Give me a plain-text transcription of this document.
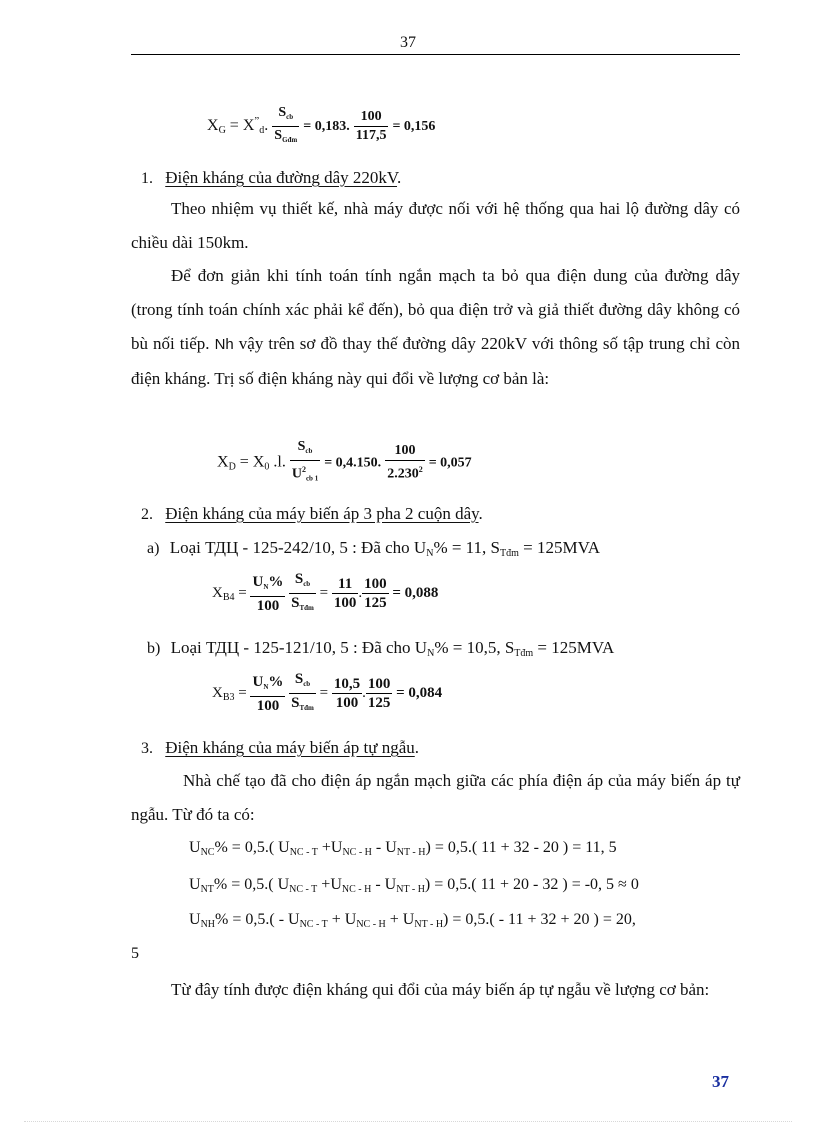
37
$X_G = X^”_d$. $\frac{S_{cb}}{S_{Gđm}} = 0,183$. $\frac{100}{117,5} = 0,156$
1. Điện kháng của đường dây 220kV.
Theo nhiệm vụ thiết kế, nhà máy được nối với hệ thống qua hai lộ đường dây có chiều dài 150km.
Để đơn giản khi tính toán tính ngắn mạch ta bỏ qua điện dung của đường dây (trong tính toán chính xác phải kể đến), bỏ qua điện trở và giả thiết đường dây không có bù nối tiếp. Nh vậy trên sơ đồ thay thế đường dây 220kV với thông số tập trung chỉ còn điện kháng. Trị số điện kháng này qui đổi về lượng cơ bản là:
$X_D = X_0$ .l. $\frac{S_{cb}}{U^2_{cb 1}} = 0,4.150$. $\frac{100}{2.230^2} = 0,057$
2. Điện kháng của máy biến áp 3 pha 2 cuộn dây.
a) Loại ТДЦ - 125-242/10, 5 : Đã cho $U_N\% = 11$, $S_{Tđm} = 125MVA$
$X_{B4} = \frac{U_N\%}{100}$
$\frac{S_{cb}}{S_{Tđm}} = \frac{11}{100}$ . $\frac{100}{125} = 0,088$
b) Loại ТДЦ - 125-121/10, 5 : Đã cho $U_N\% = 10,5$, $S_{Tđm} = 125MVA$
$X_{B3} = \frac{U_N\%}{100}$
$\frac{S_{cb}}{S_{Tđm}} = \frac{10,5}{100}$ . $\frac{100}{125} = 0,084$
3. Điện kháng của máy biến áp tự ngẫu.
Nhà chế tạo đã cho điện áp ngắn mạch giữa các phía điện áp của máy biến áp tự ngẫu. Từ đó ta có:
$U_{NC}\% = 0,5$.( $U_{NC - T} +U_{NC - H} - U_{NT - H}) = 0,5$.( 11 + 32 - 20 ) = 11, 5
$U_{NT}\% = 0,5$.( $U_{NC - T} +U_{NC - H} - U_{NT - H}) = 0,5$.( 11 + 20 - 32 ) = -0, 5 ≈ 0
$U_{NH}\% = 0,5.( - U_{NC - T} + U_{NC - H} + U_{NT - H}) = 0,5.( - 11 + 32 + 20$ ) = 20,
5
Từ đây tính được điện kháng qui đổi của máy biến áp tự ngẫu về lượng cơ bản:
37
